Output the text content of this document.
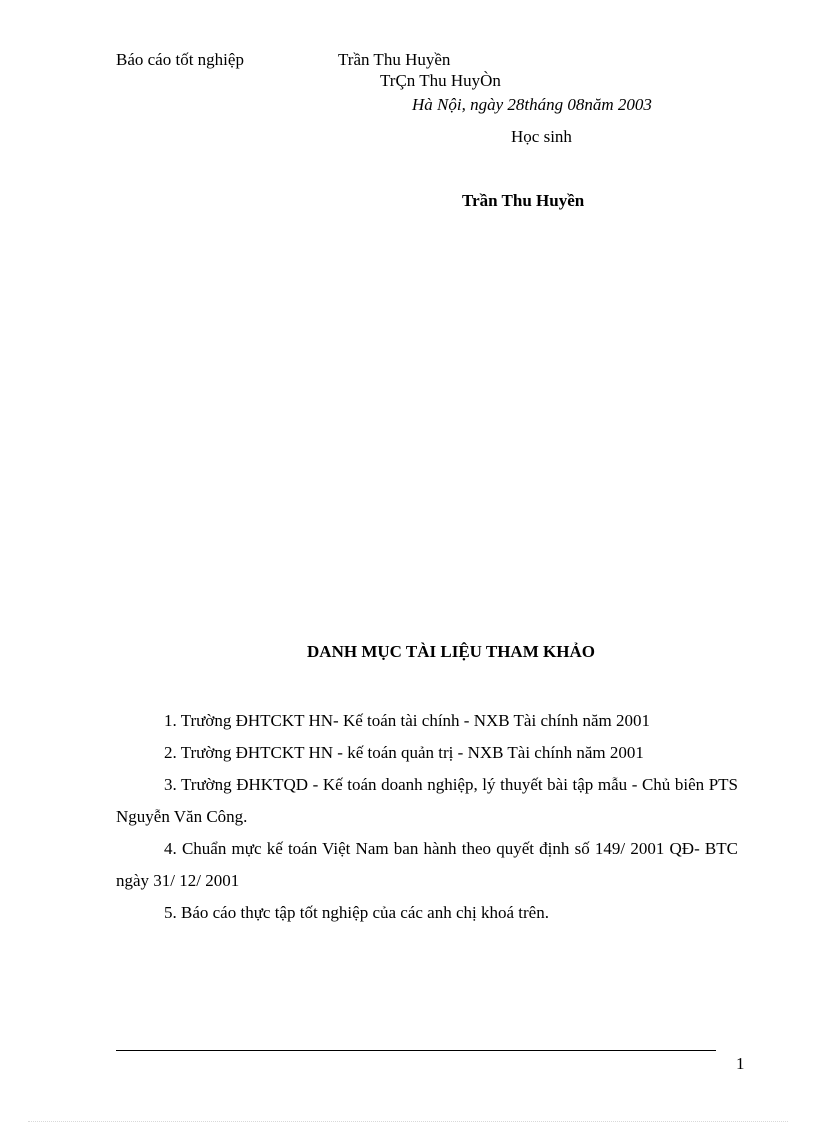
Báo cáo tốt nghiệp	Trần Thu Huyền
TrÇn Thu HuyÒn
Hà Nội, ngày 28tháng 08năm 2003
Học sinh
Trần Thu Huyền
DANH MỤC TÀI LIỆU THAM KHẢO

1. Trường ĐHTCKT HN- Kế toán tài chính - NXB Tài chính năm 2001

2. Trường ĐHTCKT HN - kế toán quản trị - NXB Tài chính năm 2001

3. Trường ĐHKTQD - Kế toán doanh nghiệp, lý thuyết bài tập mẫu - Chủ biên PTS Nguyễn Văn Công.

4. Chuẩn mực kế toán Việt Nam ban hành theo quyết định số 149/ 2001 QĐ- BTC ngày 31/ 12/ 2001

5. Báo cáo thực tập tốt nghiệp của các anh chị khoá trên.

1
